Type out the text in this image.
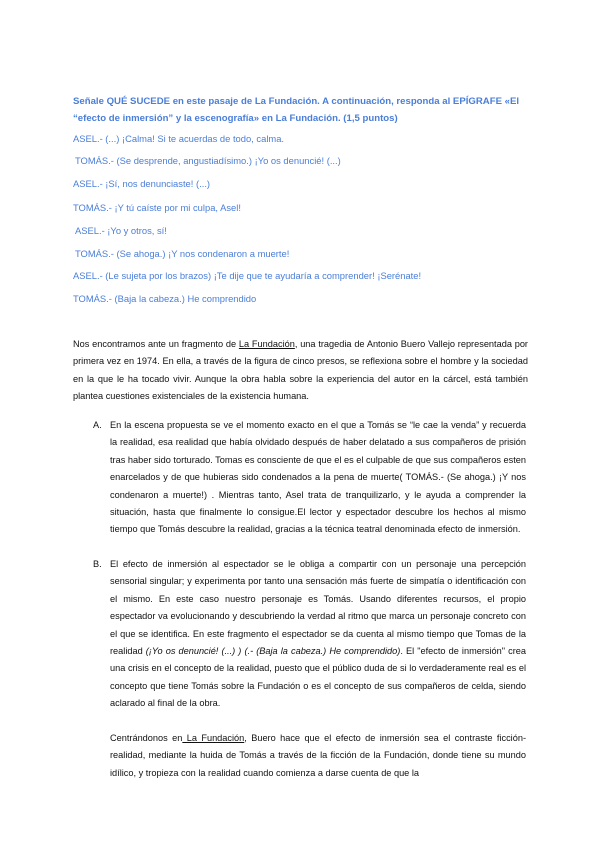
Señale QUÉ SUCEDE en este pasaje de La Fundación. A continuación, responda al EPÍGRAFE «El “efecto de inmersión” y la escenografía» en La Fundación. (1,5 puntos)
ASEL.- (...) ¡Calma! Si te acuerdas de todo, calma.
TOMÁS.- (Se desprende, angustiadísimo.) ¡Yo os denuncié! (...)
ASEL.- ¡Sí, nos denunciaste! (...)
TOMÁS.- ¡Y tú caíste por mi culpa, Asel!
ASEL.- ¡Yo y otros, sí!
TOMÁS.- (Se ahoga.) ¡Y nos condenaron a muerte!
ASEL.- (Le sujeta por los brazos) ¡Te dije que te ayudaría a comprender! ¡Serénate!
TOMÁS.- (Baja la cabeza.) He comprendido
Nos encontramos ante un fragmento de La Fundación, una tragedia de Antonio Buero Vallejo representada por primera vez en 1974. En ella, a través de la figura de cinco presos, se reflexiona sobre el hombre y la sociedad en la que le ha tocado vivir. Aunque la obra habla sobre la experiencia del autor en la cárcel, está también plantea cuestiones existenciales de la existencia humana.
A. En la escena propuesta se ve el momento exacto en el que a Tomás se “le cae la venda” y recuerda la realidad, esa realidad que había olvidado después de haber delatado a sus compañeros de prisión tras haber sido torturado. Tomas es consciente de que el es el culpable de que sus compañeros esten enarcelados y de que hubieras sido condenados a la pena de muerte( TOMÁS.- (Se ahoga.) ¡Y nos condenaron a muerte!) . Mientras tanto, Asel trata de tranquilizarlo, y le ayuda a comprender la situación, hasta que finalmente lo consigue.El lector y espectador descubre los hechos al mismo tiempo que Tomás descubre la realidad, gracias a la técnica teatral denominada efecto de inmersión.
B. El efecto de inmersión al espectador se le obliga a compartir con un personaje una percepción sensorial singular; y experimenta por tanto una sensación más fuerte de simpatía o identificación con el mismo. En este caso nuestro personaje es Tomás. Usando diferentes recursos, el propio espectador va evolucionando y descubriendo la verdad al ritmo que marca un personaje concreto con el que se identifica. En este fragmento el espectador se da cuenta al mismo tiempo que Tomas de la realidad (¡Yo os denuncié! (...) ) (.- (Baja la cabeza.) He comprendido). El "efecto de inmersión" crea una crisis en el concepto de la realidad, puesto que el público duda de si lo verdaderamente real es el concepto que tiene Tomás sobre la Fundación o es el concepto de sus compañeros de celda, siendo aclarado al final de la obra.
Centrándonos en La Fundación, Buero hace que el efecto de inmersión sea el contraste ficción-realidad, mediante la huida de Tomás a través de la ficción de la Fundación, donde tiene su mundo idílico, y tropieza con la realidad cuando comienza a darse cuenta de que la
